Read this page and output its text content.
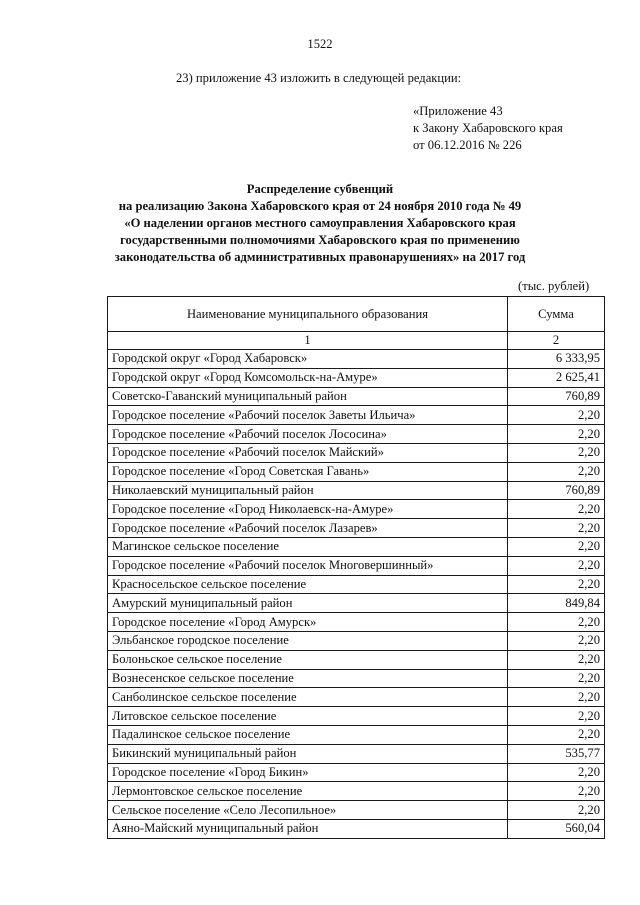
1522
23) приложение 43 изложить в следующей редакции:
«Приложение 43
к Закону Хабаровского края
от 06.12.2016 № 226
Распределение субвенций
на реализацию Закона Хабаровского края от 24 ноября 2010 года № 49
«О наделении органов местного самоуправления Хабаровского края
государственными полномочиями Хабаровского края по применению
законодательства об административных правонарушениях» на 2017 год
(тыс. рублей)
Наименование муниципального образования	Сумма
1	2
Городской округ «Город Хабаровск»	6 333,95
Городской округ «Город Комсомольск-на-Амуре»	2 625,41
Советско-Гаванский муниципальный район	760,89
Городское поселение «Рабочий поселок Заветы Ильича»	2,20
Городское поселение «Рабочий поселок Лососина»	2,20
Городское поселение «Рабочий поселок Майский»	2,20
Городское поселение «Город Советская Гавань»	2,20
Николаевский муниципальный район	760,89
Городское поселение «Город Николаевск-на-Амуре»	2,20
Городское поселение «Рабочий поселок Лазарев»	2,20
Магинское сельское поселение	2,20
Городское поселение «Рабочий поселок Многовершинный»	2,20
Красносельское сельское поселение	2,20
Амурский муниципальный район	849,84
Городское поселение «Город Амурск»	2,20
Эльбанское городское поселение	2,20
Болоньское сельское поселение	2,20
Вознесенское сельское поселение	2,20
Санболинское сельское поселение	2,20
Литовское сельское поселение	2,20
Падалинское сельское поселение	2,20
Бикинский муниципальный район	535,77
Городское поселение «Город Бикин»	2,20
Лермонтовское сельское поселение	2,20
Сельское поселение «Село Лесопильное»	2,20
Аяно-Майский муниципальный район	560,04
